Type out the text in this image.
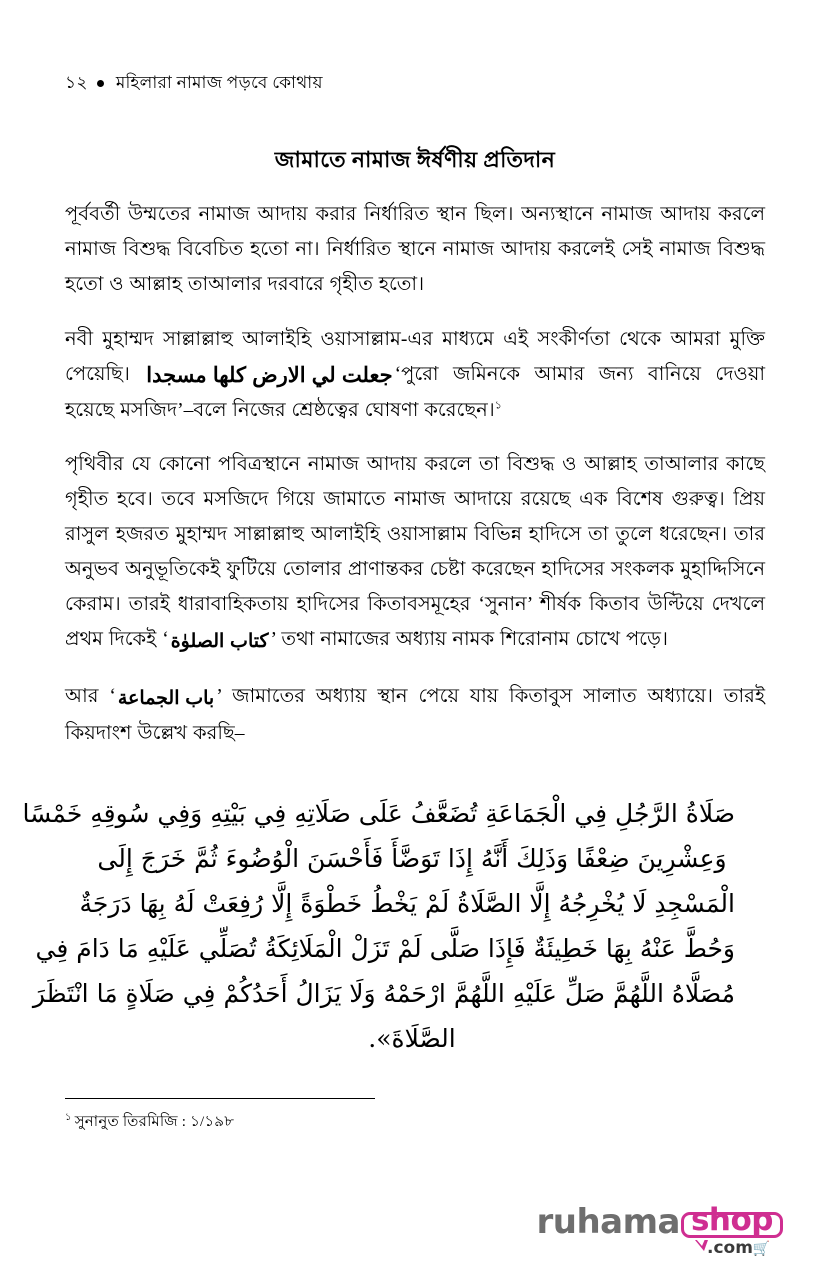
১২ মহিলারা নামাজ পড়বে কোথায়
জামাতে নামাজ ঈর্ষণীয় প্রতিদান

পূর্ববর্তী উম্মতের নামাজ আদায় করার নির্ধারিত স্থান ছিল। অন্যস্থানে নামাজ আদায় করলে নামাজ বিশুদ্ধ বিবেচিত হতো না। নির্ধারিত স্থানে নামাজ আদায় করলেই সেই নামাজ বিশুদ্ধ হতো ও আল্লাহ তাআলার দরবারে গৃহীত হতো।

নবী মুহাম্মদ সাল্লাল্লাহু আলাইহি ওয়াসাল্লাম-এর মাধ্যমে এই সংকীর্ণতা থেকে আমরা মুক্তি পেয়েছি। جعلت لي الارض كلها مسجدا ‘পুরো জমিনকে আমার জন্য বানিয়ে দেওয়া হয়েছে মসজিদ’–বলে নিজের শ্রেষ্ঠত্বের ঘোষণা করেছেন।$^১$

পৃথিবীর যে কোনো পবিত্রস্থানে নামাজ আদায় করলে তা বিশুদ্ধ ও আল্লাহ তাআলার কাছে গৃহীত হবে। তবে মসজিদে গিয়ে জামাতে নামাজ আদায়ে রয়েছে এক বিশেষ গুরুত্ব। প্রিয় রাসুল হজরত মুহাম্মদ সাল্লাল্লাহু আলাইহি ওয়াসাল্লাম বিভিন্ন হাদিসে তা তুলে ধরেছেন। তার অনুভব অনুভূতিকেই ফুটিয়ে তোলার প্রাণান্তকর চেষ্টা করেছেন হাদিসের সংকলক মুহাদ্দিসিনে কেরাম। তারই ধারাবাহিকতায় হাদিসের কিতাবসমূহের ‘সুনান’ শীর্ষক কিতাব উল্টিয়ে দেখলে প্রথম দিকেই ‘ كتاب الصلوٰة ’ তথা নামাজের অধ্যায় নামক শিরোনাম চোখে পড়ে।

আর ‘ باب الجماعة ’ জামাতের অধ্যায় স্থান পেয়ে যায় কিতাবুস সালাত অধ্যায়ে। তারই কিয়দাংশ উল্লেখ করছি–

صَلَاةُ الرَّجُلِ فِي الْجَمَاعَةِ تُضَعَّفُ عَلَى صَلَاتِهِ فِي بَيْتِهِ وَفِي سُوقِهِ خَمْسًا
وَعِشْرِينَ ضِعْفًا وَذَلِكَ أَنَّهُ إِذَا تَوَضَّأَ فَأَحْسَنَ الْوُضُوءَ ثُمَّ خَرَجَ إِلَى
الْمَسْجِدِ لَا يُخْرِجُهُ إِلَّا الصَّلَاةُ لَمْ يَخْطُ خَطْوَةً إِلَّا رُفِعَتْ لَهُ بِهَا دَرَجَةٌ
وَحُطَّ عَنْهُ بِهَا خَطِيئَةٌ فَإِذَا صَلَّى لَمْ تَزَلْ الْمَلَائِكَةُ تُصَلِّي عَلَيْهِ مَا دَامَ فِي
مُصَلَّاهُ اللَّهُمَّ صَلِّ عَلَيْهِ اللَّهُمَّ ارْحَمْهُ وَلَا يَزَالُ أَحَدُكُمْ فِي صَلَاةٍ مَا انْتَظَرَ
الصَّلَاةَ».
$^১$ সুনানুত তিরমিজি : ১/১৯৮
ruhama shop
.com🛒
